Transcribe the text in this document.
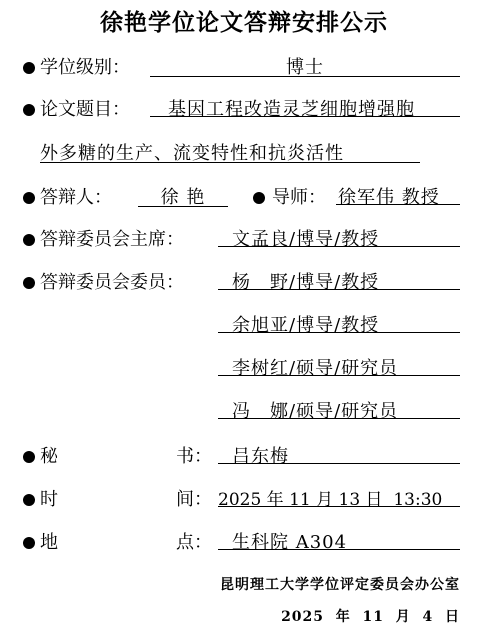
徐艳学位论文答辩安排公示
学位级别：	博士
论文题目：	基因工程改造灵芝细胞增强胞
外多糖的生产、流变特性和抗炎活性
答辩人：	徐 艳	导师： 徐军伟 教授
答辩委员会主席：	文孟良/博导/教授
答辩委员会委员：	杨　野/博导/教授
余旭亚/博导/教授
李树红/硕导/研究员
冯　娜/硕导/研究员
秘	书：	吕东梅
时	间： 2025 年 11 月 13 日  13:30
地	点：	生科院 A304
昆明理工大学学位评定委员会办公室
2025  年  11  月  4  日
